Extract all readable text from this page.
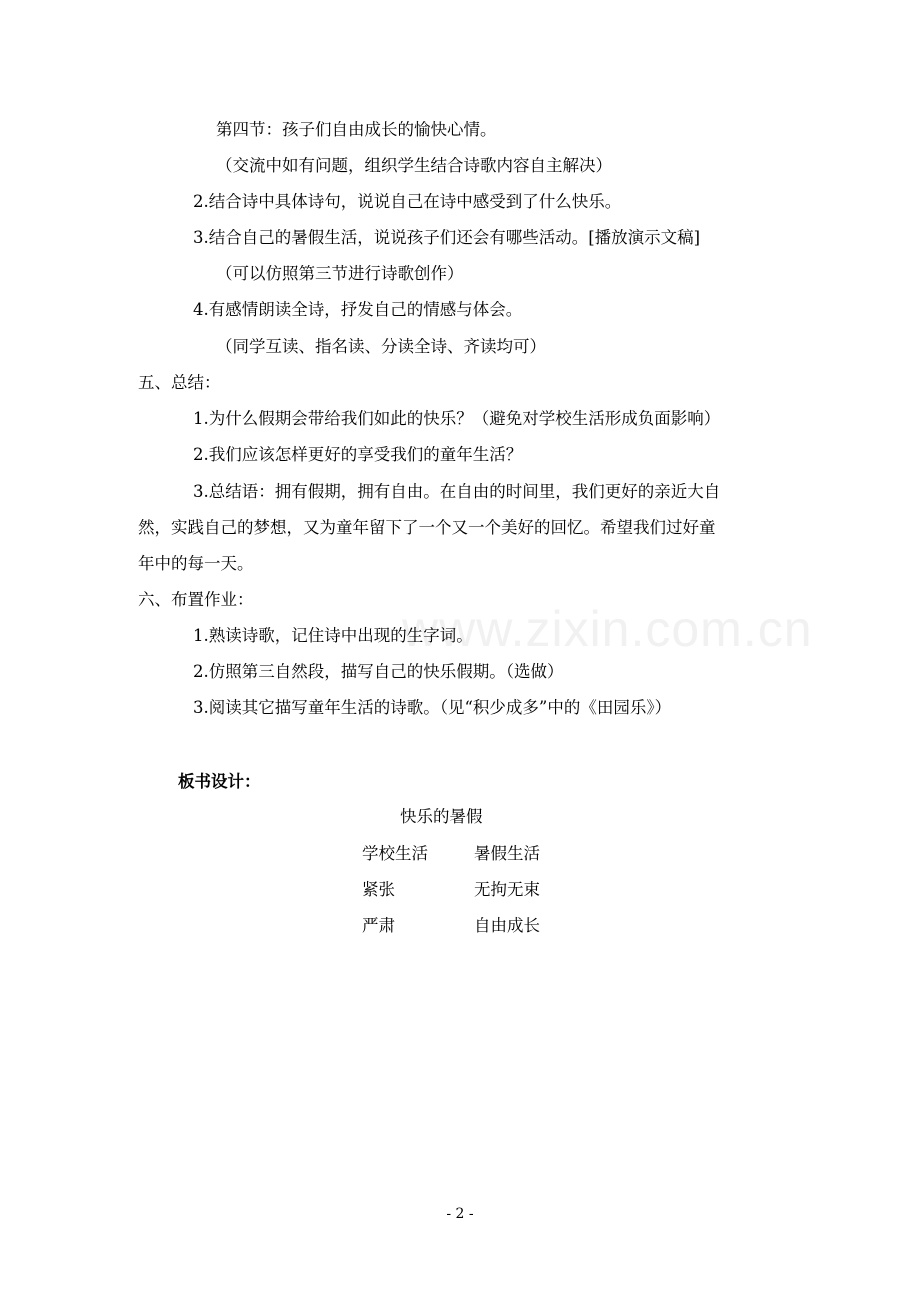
www.zixin.com.cn
第四节：孩子们自由成长的愉快心情。
（交流中如有问题，组织学生结合诗歌内容自主解决）
2.结合诗中具体诗句，说说自己在诗中感受到了什么快乐。
3.结合自己的暑假生活，说说孩子们还会有哪些活动。[播放演示文稿]
（可以仿照第三节进行诗歌创作）
4.有感情朗读全诗，抒发自己的情感与体会。
（同学互读、指名读、分读全诗、齐读均可）
五、总结：
1.为什么假期会带给我们如此的快乐？（避免对学校生活形成负面影响）
2.我们应该怎样更好的享受我们的童年生活？
3.总结语：拥有假期，拥有自由。在自由的时间里，我们更好的亲近大自
然，实践自己的梦想，又为童年留下了一个又一个美好的回忆。希望我们过好童
年中的每一天。
六、布置作业：
1.熟读诗歌，记住诗中出现的生字词。
2.仿照第三自然段，描写自己的快乐假期。（选做）
3.阅读其它描写童年生活的诗歌。（见“积少成多”中的《田园乐》）
板书设计：
快乐的暑假
学校生活	暑假生活
紧张	无拘无束
严肃	自由成长
- 2 -
